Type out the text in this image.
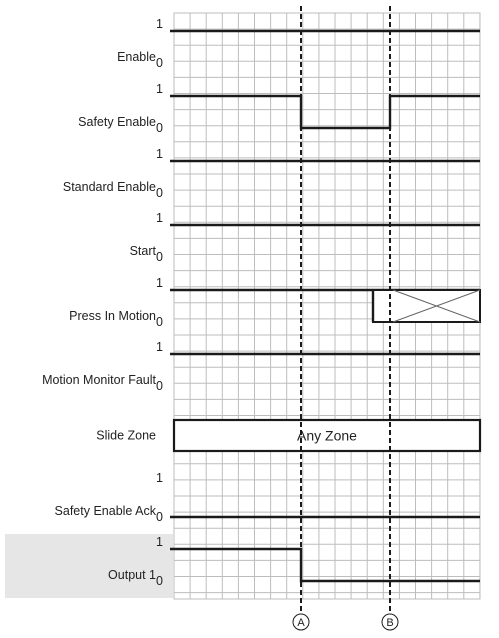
Enable
1
0
Safety Enable
1
0
Standard Enable
1
0
Start
1
0
Press In Motion
1
0
Motion Monitor Fault
1
0
Slide Zone
Safety Enable Ack
1
0
Output 1
1
0
Any Zone
A	B
